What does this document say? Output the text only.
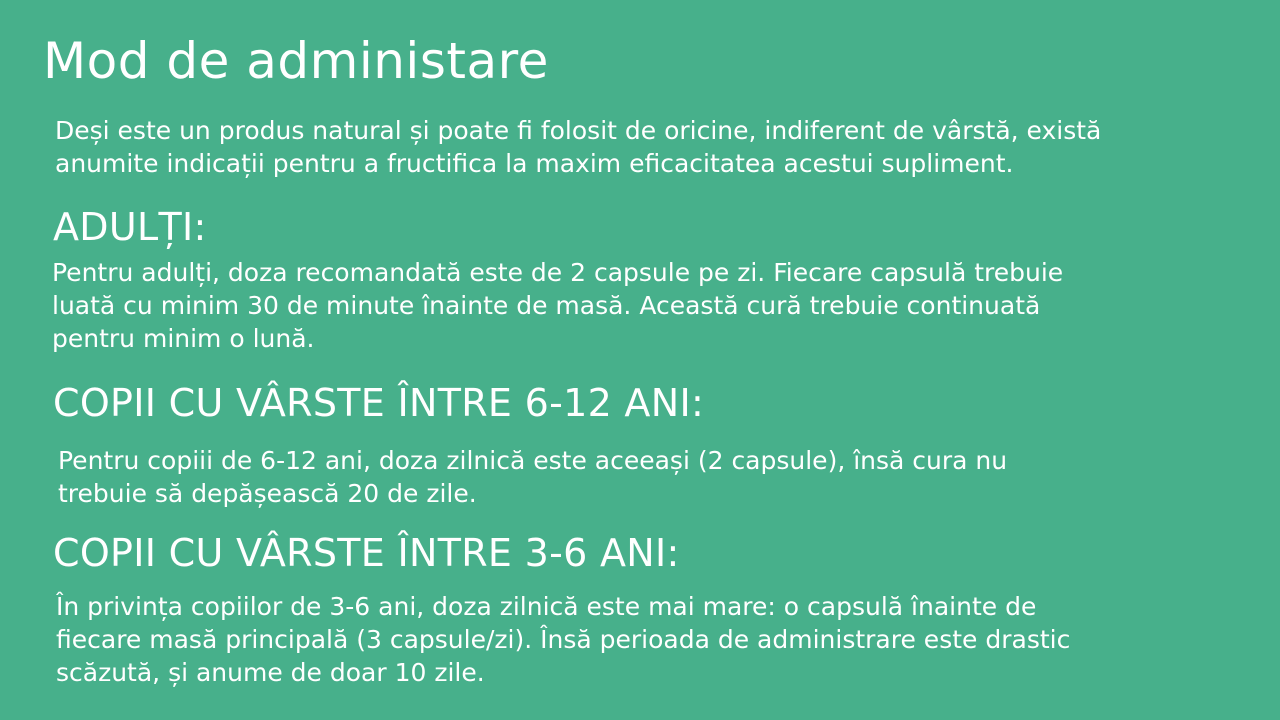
Mod de administare
Deși este un produs natural și poate fi folosit de oricine, indiferent de vârstă, există
anumite indicații pentru a fructifica la maxim eficacitatea acestui supliment.
ADULȚI:
Pentru adulți, doza recomandată este de 2 capsule pe zi. Fiecare capsulă trebuie
luată cu minim 30 de minute înainte de masă. Această cură trebuie continuată
pentru minim o lună.
COPII CU VÂRSTE ÎNTRE 6-12 ANI:
Pentru copiii de 6-12 ani, doza zilnică este aceeași (2 capsule), însă cura nu
trebuie să depășească 20 de zile.
COPII CU VÂRSTE ÎNTRE 3-6 ANI:
În privința copiilor de 3-6 ani, doza zilnică este mai mare: o capsulă înainte de
fiecare masă principală (3 capsule/zi). Însă perioada de administrare este drastic
scăzută, și anume de doar 10 zile.
